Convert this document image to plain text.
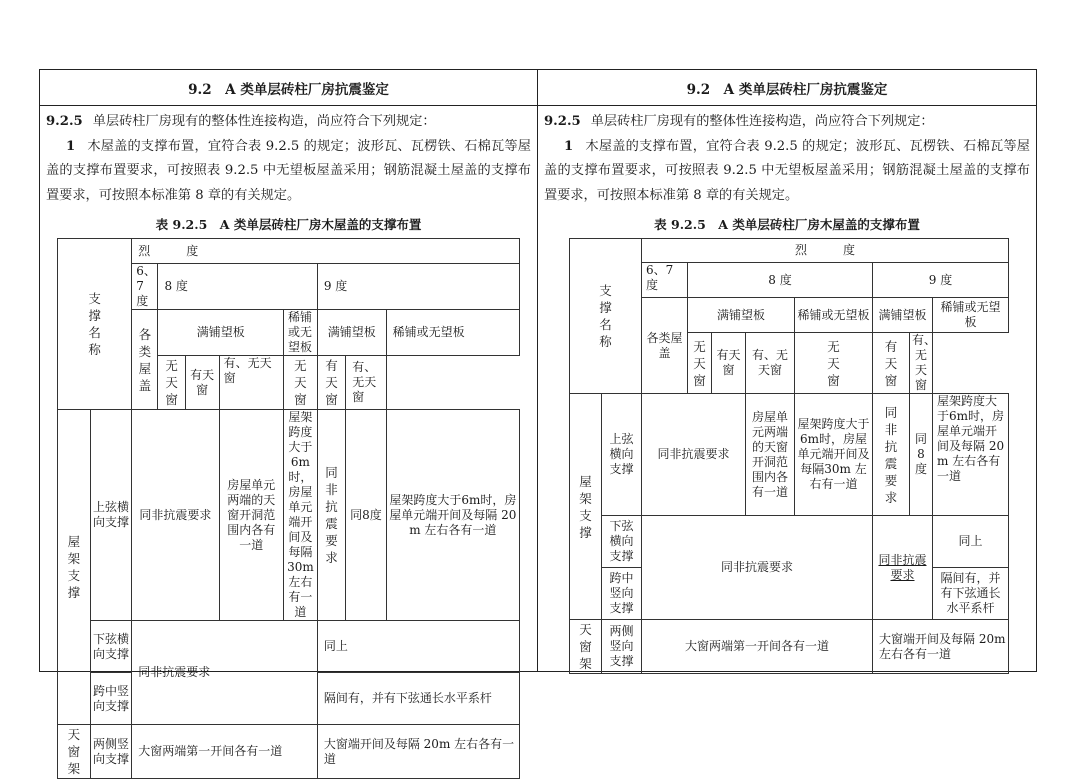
9.2　A 类单层砖柱厂房抗震鉴定
9.2.5 单层砖柱厂房现有的整体性连接构造，尚应符合下列规定：
1 木屋盖的支撑布置，宜符合表 9.2.5 的规定；波形瓦、瓦楞铁、石棉瓦等屋盖的支撑布置要求，可按照表 9.2.5 中无望板屋盖采用；钢筋混凝土屋盖的支撑布置要求，可按照本标准第 8 章的有关规定。
表 9.2.5　A 类单层砖柱厂房木屋盖的支撑布置
支撑名称		烈　　　度							
		6、7度	8 度				9 度		
		各类屋盖	满铺望板			稀铺或无望板	满铺望板		稀铺或无望板
			无天窗	有天窗	有、无天窗	无天窗	有天窗	有、无天窗	
屋架支撑	上弦横向支撑	同非抗震要求			房屋单元两端的天窗开洞范围内各有一道	屋架跨度大于6m时，房屋单元端开间及每隔30m 左右有一道	同非抗震要求	同8度	屋架跨度大于6m时，房屋单元端开间及每隔 20m 左右各有一道
	下弦横向支撑	同非抗震要求					同上		
	跨中竖向支撑						隔间有，并有下弦通长水平系杆		
天窗架	两侧竖向支撑	大窗两端第一开间各有一道					大窗端开间及每隔 20m 左右各有一道		
9.2　A 类单层砖柱厂房抗震鉴定
9.2.5 单层砖柱厂房现有的整体性连接构造，尚应符合下列规定：
1 木屋盖的支撑布置，宜符合表 9.2.5 的规定；波形瓦、瓦楞铁、石棉瓦等屋盖的支撑布置要求，可按照表 9.2.5 中无望板屋盖采用；钢筋混凝土屋盖的支撑布置要求，可按照本标准第 8 章的有关规定。
表 9.2.5　A 类单层砖柱厂房木屋盖的支撑布置
支撑名称		烈　　　度							
		6、7度	8 度				9 度		
		各类屋盖	满铺望板			稀铺或无望板	满铺望板		稀铺或无望板
			无天窗	有天窗	有、无天窗	无天窗	有天窗	有、无天窗	
屋架支撑	上弦横向支撑	同非抗震要求			房屋单元两端的天窗开洞范围内各有一道	屋架跨度大于6m时，房屋单元端开间及每隔30m 左右有一道	同非抗震要求	同8度	屋架跨度大于6m时，房屋单元端开间及每隔 20m 左右各有一道
	下弦横向支撑	同非抗震要求					同非抗震要求		同上
	跨中竖向支撑								隔间有，并有下弦通长水平系杆
天窗架	两侧竖向支撑	大窗两端第一开间各有一道					大窗端开间及每隔 20m 左右各有一道		
